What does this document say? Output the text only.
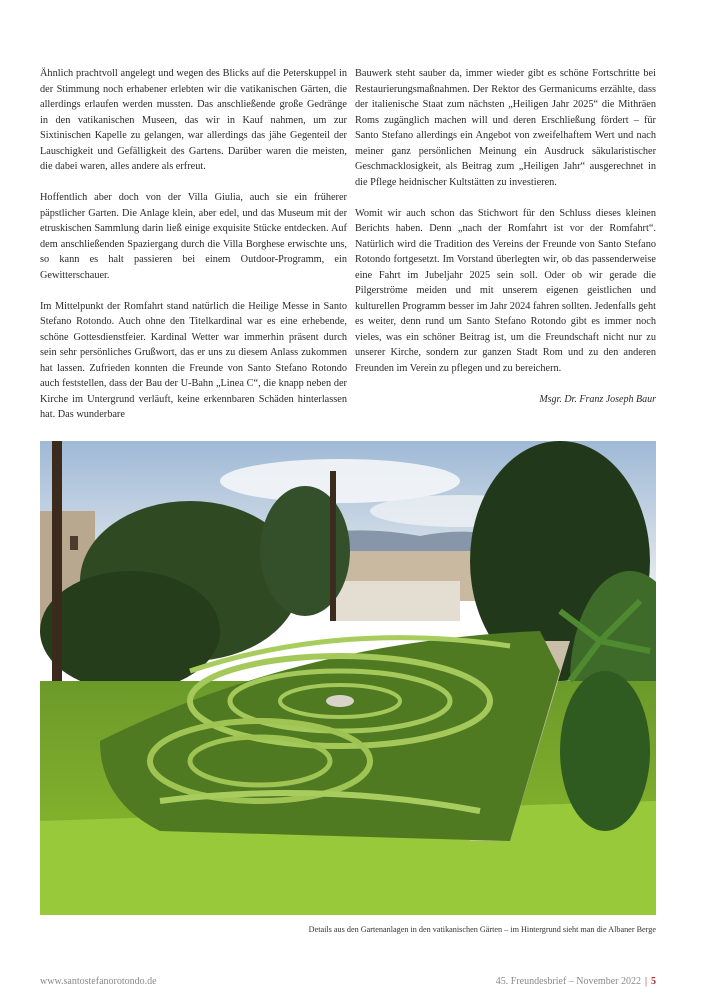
Ähnlich prachtvoll angelegt und wegen des Blicks auf die Peterskuppel in der Stimmung noch erhabener erlebten wir die vatikanischen Gärten, die allerdings erlaufen werden mussten. Das anschließende große Gedränge in den vatikanischen Museen, das wir in Kauf nahmen, um zur Sixtinischen Kapelle zu gelangen, war allerdings das jähe Gegenteil der Lauschigkeit und Gefälligkeit des Gartens. Darüber waren die meisten, die dabei waren, alles andere als erfreut.

Hoffentlich aber doch von der Villa Giulia, auch sie ein früherer päpstlicher Garten. Die Anlage klein, aber edel, und das Museum mit der etruskischen Sammlung darin ließ einige exquisite Stücke entdecken. Auf dem anschließenden Spaziergang durch die Villa Borghese erwischte uns, so kann es halt passieren bei einem Outdoor-Programm, ein Gewitterschauer.

Im Mittelpunkt der Romfahrt stand natürlich die Heilige Messe in Santo Stefano Rotondo. Auch ohne den Titelkardinal war es eine erhebende, schöne Gottesdienstfeier. Kardinal Wetter war immerhin präsent durch sein sehr persönliches Grußwort, das er uns zu diesem Anlass zukommen hat lassen. Zufrieden konnten die Freunde von Santo Stefano Rotondo auch feststellen, dass der Bau der U-Bahn „Linea C“, die knapp neben der Kirche im Untergrund verläuft, keine erkennbaren Schäden hinterlassen hat. Das wunderbare

Bauwerk steht sauber da, immer wieder gibt es schöne Fortschritte bei Restaurierungsmaßnahmen. Der Rektor des Germanicums erzählte, dass der italienische Staat zum nächsten „Heiligen Jahr 2025“ die Mithräen Roms zugänglich machen will und deren Erschließung fördert – für Santo Stefano allerdings ein Angebot von zweifelhaftem Wert und nach meiner ganz persönlichen Meinung ein Ausdruck säkularistischer Geschmacklosigkeit, als Beitrag zum „Heiligen Jahr“ ausgerechnet in die Pflege heidnischer Kultstätten zu investieren.

Womit wir auch schon das Stichwort für den Schluss dieses kleinen Berichts haben. Denn „nach der Romfahrt ist vor der Romfahrt“. Natürlich wird die Tradition des Vereins der Freunde von Santo Stefano Rotondo fortgesetzt. Im Vorstand überlegten wir, ob das passenderweise eine Fahrt im Jubeljahr 2025 sein soll. Oder ob wir gerade die Pilgerströme meiden und mit unserem eigenen geistlichen und kulturellen Programm besser im Jahr 2024 fahren sollten. Jedenfalls geht es weiter, denn rund um Santo Stefano Rotondo gibt es immer noch vieles, was ein schöner Beitrag ist, um die Freundschaft nicht nur zu unserer Kirche, sondern zur ganzen Stadt Rom und zu den anderen Freunden im Verein zu pflegen und zu bereichern.

Msgr. Dr. Franz Joseph Baur
Details aus den Gartenanlagen in den vatikanischen Gärten – im Hintergrund sieht man die Albaner Berge
www.santostefanorotondo.de	45. Freundesbrief – November 2022 | 5
